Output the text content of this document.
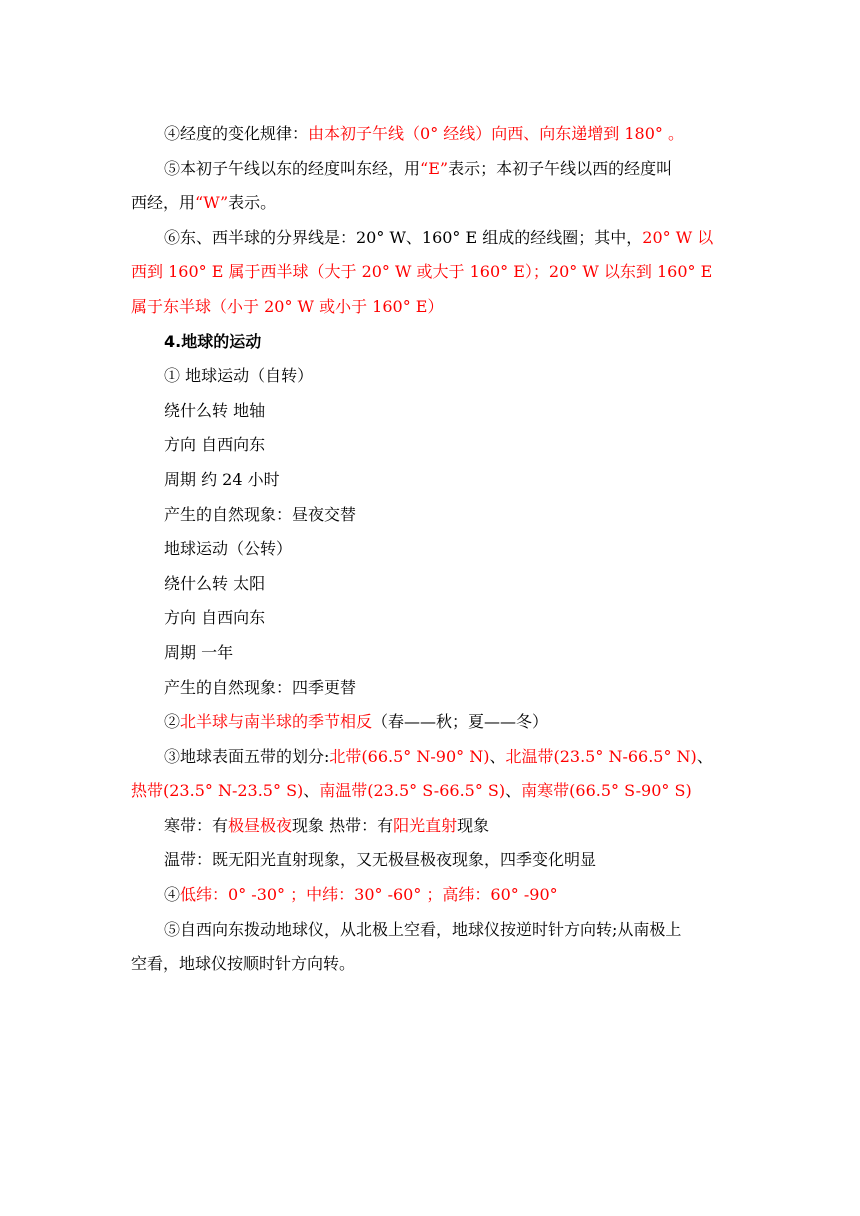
④经度的变化规律：由本初子午线（0° 经线）向西、向东递增到 180° 。
⑤本初子午线以东的经度叫东经，用“E”表示；本初子午线以西的经度叫
西经，用“W”表示。
⑥东、西半球的分界线是：20° W、160° E 组成的经线圈；其中，20° W 以
西到 160° E 属于西半球（大于 20° W 或大于 160° E）；20° W 以东到 160° E
属于东半球（小于 20° W 或小于 160° E）
4.地球的运动
① 地球运动（自转）
绕什么转 地轴
方向 自西向东
周期 约 24 小时
产生的自然现象：昼夜交替
地球运动（公转）
绕什么转 太阳
方向 自西向东
周期 一年
产生的自然现象：四季更替
②北半球与南半球的季节相反（春——秋；夏——冬）
③地球表面五带的划分:北带(66.5° N-90° N)、北温带(23.5° N-66.5° N)、
热带(23.5° N-23.5° S)、南温带(23.5° S-66.5° S)、南寒带(66.5° S-90° S)
寒带：有极昼极夜现象 热带：有阳光直射现象
温带：既无阳光直射现象，又无极昼极夜现象，四季变化明显
④低纬：0° -30° ；中纬：30° -60° ；高纬：60° -90°
⑤自西向东拨动地球仪，从北极上空看，地球仪按逆时针方向转;从南极上
空看，地球仪按顺时针方向转。
